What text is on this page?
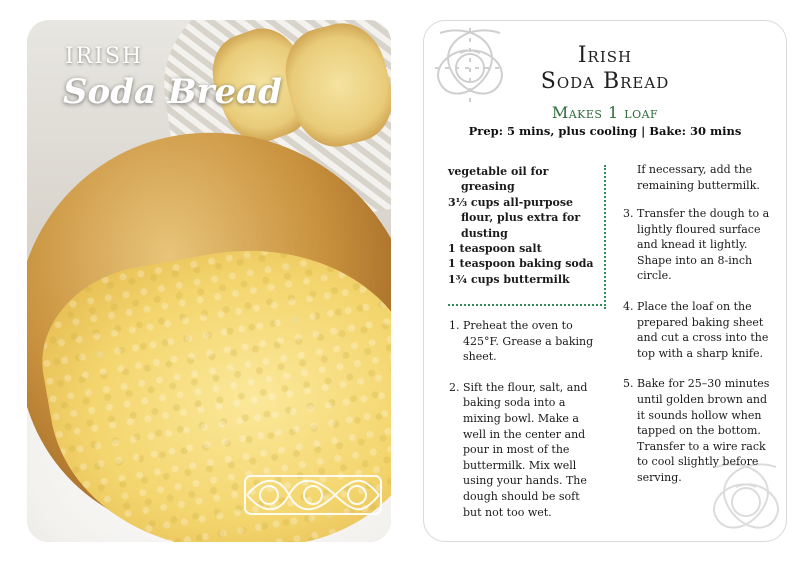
IRISH
Soda Bread
Irish
Soda Bread
Makes 1 loaf
Prep: 5 mins, plus cooling | Bake: 30 mins
vegetable oil for greasing
3⅓ cups all-purpose flour, plus extra for dusting
1 teaspoon salt
1 teaspoon baking soda
1¾ cups buttermilk
1. Preheat the oven to 425°F. Grease a baking sheet.
2. Sift the flour, salt, and baking soda into a mixing bowl. Make a well in the center and pour in most of the buttermilk. Mix well using your hands. The dough should be soft but not too wet.
If necessary, add the remaining buttermilk.
3. Transfer the dough to a lightly floured surface and knead it lightly. Shape into an 8-inch circle.
4. Place the loaf on the prepared baking sheet and cut a cross into the top with a sharp knife.
5. Bake for 25–30 minutes until golden brown and it sounds hollow when tapped on the bottom. Transfer to a wire rack to cool slightly before serving.
